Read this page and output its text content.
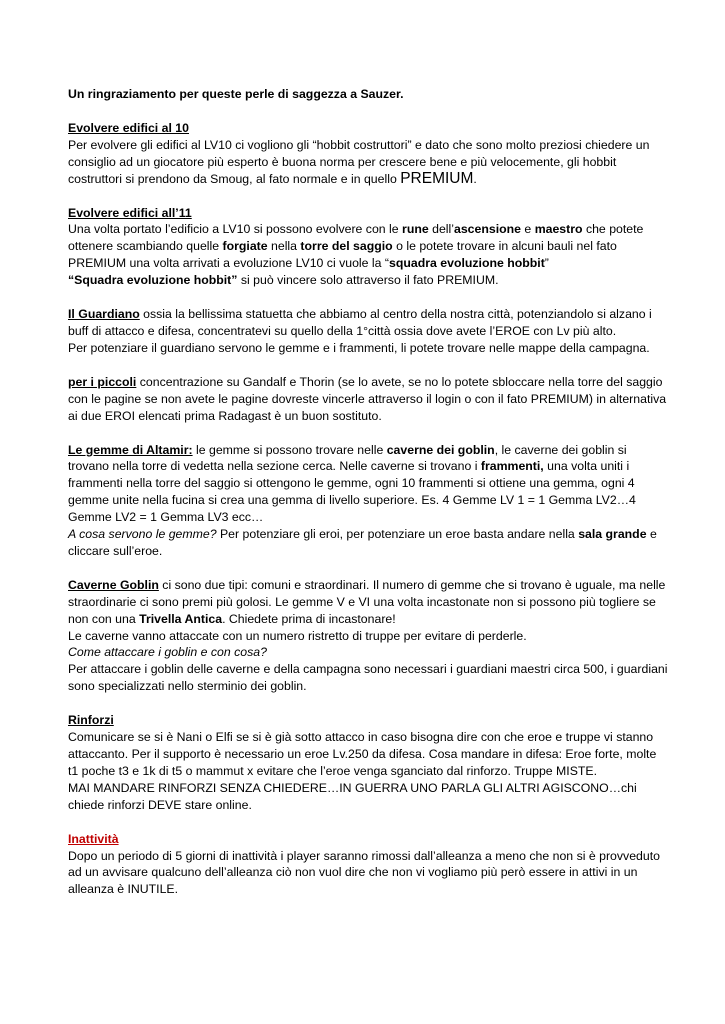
Un ringraziamento per queste perle di saggezza a Sauzer.

Evolvere edifici al 10

Per evolvere gli edifici al LV10 ci vogliono gli “hobbit costruttori” e dato che sono molto preziosi chiedere un consiglio ad un giocatore più esperto è buona norma per crescere bene e più velocemente, gli hobbit costruttori si prendono da Smoug, al fato normale e in quello PREMIUM.

Evolvere edifici all’11

Una volta portato l’edificio a LV10 si possono evolvere con le rune dell’ascensione e maestro che potete ottenere scambiando quelle forgiate nella torre del saggio o le potete trovare in alcuni bauli nel fato PREMIUM una volta arrivati a evoluzione LV10 ci vuole la “squadra evoluzione hobbit”

“Squadra evoluzione hobbit” si può vincere solo attraverso il fato PREMIUM.

Il Guardiano ossia la bellissima statuetta che abbiamo al centro della nostra città, potenziandolo si alzano i buff di attacco e difesa, concentratevi su quello della 1°città ossia dove avete l’EROE con Lv più alto.

Per potenziare il guardiano servono le gemme e i frammenti, li potete trovare nelle mappe della campagna.

per i piccoli concentrazione su Gandalf e Thorin (se lo avete, se no lo potete sbloccare nella torre del saggio con le pagine se non avete le pagine dovreste vincerle attraverso il login o con il fato PREMIUM) in alternativa ai due EROI elencati prima Radagast è un buon sostituto.

Le gemme di Altamir: le gemme si possono trovare nelle caverne dei goblin, le caverne dei goblin si trovano nella torre di vedetta nella sezione cerca. Nelle caverne si trovano i frammenti, una volta uniti i frammenti nella torre del saggio si ottengono le gemme, ogni 10 frammenti si ottiene una gemma, ogni 4 gemme unite nella fucina si crea una gemma di livello superiore. Es. 4 Gemme LV 1 = 1 Gemma LV2…4 Gemme LV2 = 1 Gemma LV3 ecc…

A cosa servono le gemme? Per potenziare gli eroi, per potenziare un eroe basta andare nella sala grande e cliccare sull’eroe.

Caverne Goblin ci sono due tipi: comuni e straordinari. Il numero di gemme che si trovano è uguale, ma nelle straordinarie ci sono premi più golosi. Le gemme V e VI una volta incastonate non si possono più togliere se non con una Trivella Antica. Chiedete prima di incastonare!

Le caverne vanno attaccate con un numero ristretto di truppe per evitare di perderle.

Come attaccare i goblin e con cosa?

Per attaccare i goblin delle caverne e della campagna sono necessari i guardiani maestri circa 500, i guardiani sono specializzati nello sterminio dei goblin.

Rinforzi

Comunicare se si è Nani o Elfi se si è già sotto attacco in caso bisogna dire con che eroe e truppe vi stanno attaccanto. Per il supporto è necessario un eroe Lv.250 da difesa. Cosa mandare in difesa: Eroe forte, molte t1 poche t3 e 1k di t5 o mammut x evitare che l’eroe venga sganciato dal rinforzo. Truppe MISTE.

MAI MANDARE RINFORZI SENZA CHIEDERE…IN GUERRA UNO PARLA GLI ALTRI AGISCONO…chi chiede rinforzi DEVE stare online.

Inattività

Dopo un periodo di 5 giorni di inattività i player saranno rimossi dall’alleanza a meno che non si è provveduto ad un avvisare qualcuno dell’alleanza ciò non vuol dire che non vi vogliamo più però essere in attivi in un alleanza è INUTILE.
